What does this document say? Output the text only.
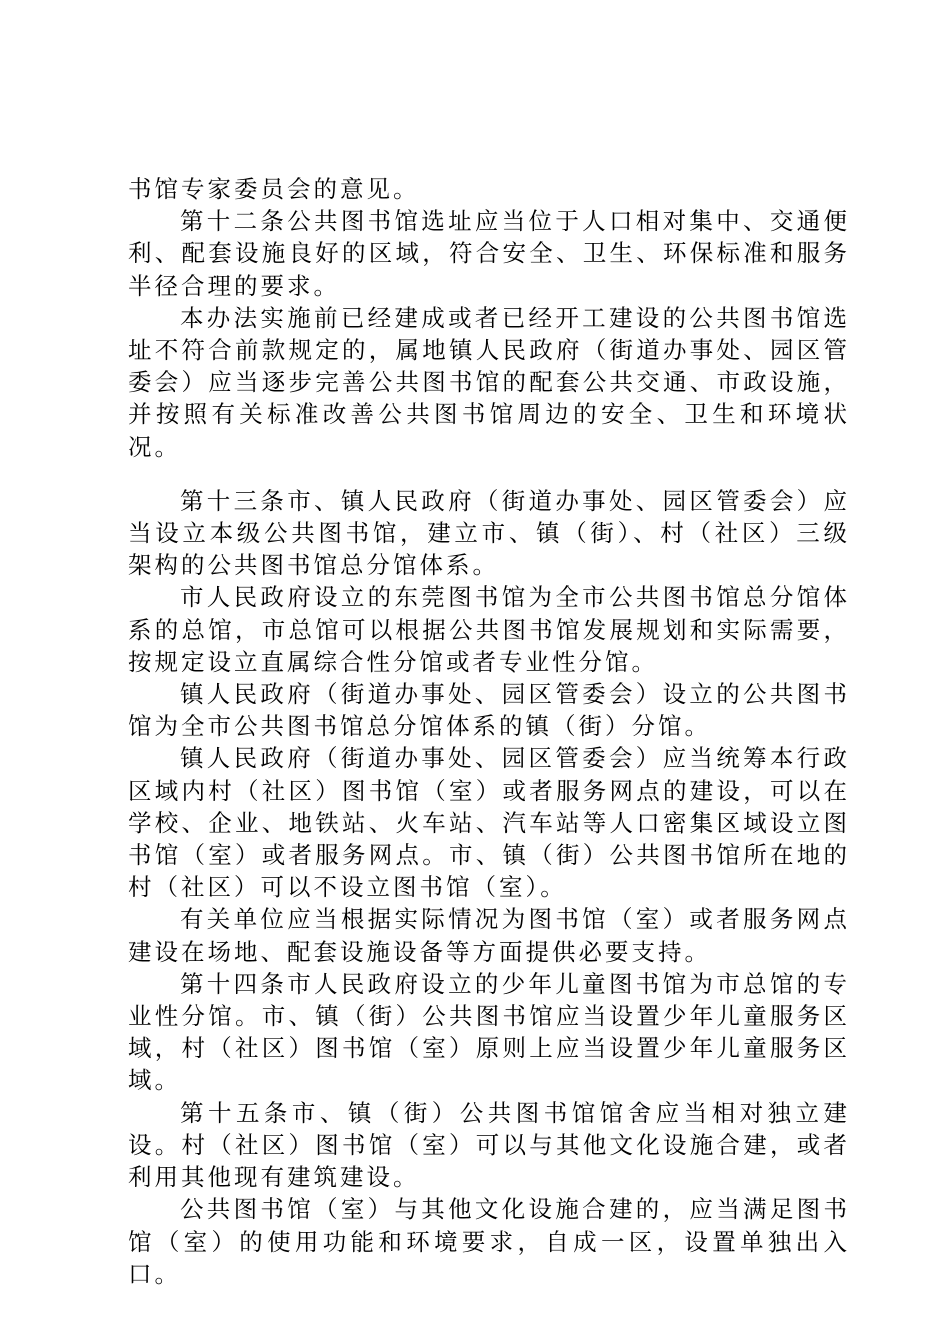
书馆专家委员会的意见。

第十二条公共图书馆选址应当位于人口相对集中、交通便利、配套设施良好的区域，符合安全、卫生、环保标准和服务半径合理的要求。

本办法实施前已经建成或者已经开工建设的公共图书馆选址不符合前款规定的，属地镇人民政府（街道办事处、园区管委会）应当逐步完善公共图书馆的配套公共交通、市政设施，并按照有关标准改善公共图书馆周边的安全、卫生和环境状况。

第十三条市、镇人民政府（街道办事处、园区管委会）应当设立本级公共图书馆，建立市、镇（街）、村（社区）三级架构的公共图书馆总分馆体系。

市人民政府设立的东莞图书馆为全市公共图书馆总分馆体系的总馆，市总馆可以根据公共图书馆发展规划和实际需要，按规定设立直属综合性分馆或者专业性分馆。

镇人民政府（街道办事处、园区管委会）设立的公共图书馆为全市公共图书馆总分馆体系的镇（街）分馆。

镇人民政府（街道办事处、园区管委会）应当统筹本行政区域内村（社区）图书馆（室）或者服务网点的建设，可以在学校、企业、地铁站、火车站、汽车站等人口密集区域设立图书馆（室）或者服务网点。市、镇（街）公共图书馆所在地的村（社区）可以不设立图书馆（室）。

有关单位应当根据实际情况为图书馆（室）或者服务网点建设在场地、配套设施设备等方面提供必要支持。

第十四条市人民政府设立的少年儿童图书馆为市总馆的专业性分馆。市、镇（街）公共图书馆应当设置少年儿童服务区域，村（社区）图书馆（室）原则上应当设置少年儿童服务区域。

第十五条市、镇（街）公共图书馆馆舍应当相对独立建设。村（社区）图书馆（室）可以与其他文化设施合建，或者利用其他现有建筑建设。

公共图书馆（室）与其他文化设施合建的，应当满足图书馆（室）的使用功能和环境要求，自成一区，设置单独出入口。
